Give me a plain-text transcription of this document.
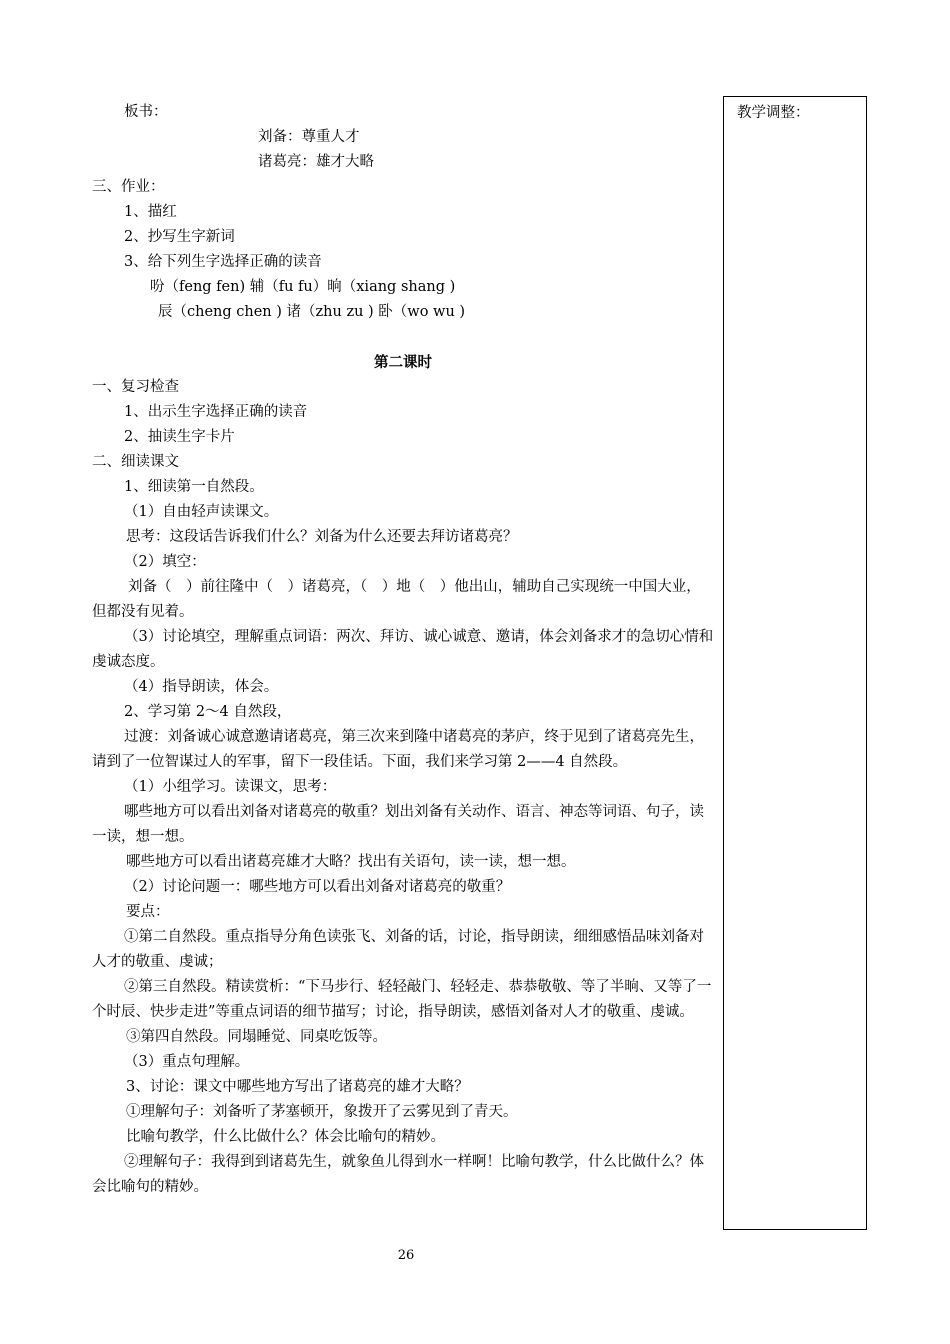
板书：
刘备：尊重人才
诸葛亮：雄才大略
三、作业：
1、描红
2、抄写生字新词
3、给下列生字选择正确的读音
吩（feng fen) 辅（fu fu）晌（xiang shang )
辰（cheng chen ) 诸（zhu zu ) 卧（wo wu )
第二课时
一、复习检查
1、出示生字选择正确的读音
2、抽读生字卡片
二、细读课文
1、细读第一自然段。
（1）自由轻声读课文。
思考：这段话告诉我们什么？刘备为什么还要去拜访诸葛亮？
（2）填空：
刘备（　）前往隆中（　）诸葛亮，（　）地（　）他出山，辅助自己实现统一中国大业，但都没有见着。
（3）讨论填空，理解重点词语：两次、拜访、诚心诚意、邀请，体会刘备求才的急切心情和虔诚态度。
（4）指导朗读，体会。
2、学习第 2～4 自然段，
过渡：刘备诚心诚意邀请诸葛亮，第三次来到隆中诸葛亮的茅庐，终于见到了诸葛亮先生，请到了一位智谋过人的军事，留下一段佳话。下面，我们来学习第 2——4 自然段。
（1）小组学习。读课文，思考：
哪些地方可以看出刘备对诸葛亮的敬重？划出刘备有关动作、语言、神态等词语、句子，读一读，想一想。
哪些地方可以看出诸葛亮雄才大略？找出有关语句，读一读，想一想。
（2）讨论问题一：哪些地方可以看出刘备对诸葛亮的敬重？
要点：
①第二自然段。重点指导分角色读张飞、刘备的话，讨论，指导朗读，细细感悟品味刘备对人才的敬重、虔诚；
②第三自然段。精读赏析：“下马步行、轻轻敲门、轻轻走、恭恭敬敬、等了半晌、又等了一个时辰、快步走进”等重点词语的细节描写；讨论，指导朗读，感悟刘备对人才的敬重、虔诚。
③第四自然段。同塌睡觉、同桌吃饭等。
（3）重点句理解。
3、讨论：课文中哪些地方写出了诸葛亮的雄才大略？
①理解句子：刘备听了茅塞顿开，象拨开了云雾见到了青天。
比喻句教学，什么比做什么？体会比喻句的精妙。
②理解句子：我得到到诸葛先生，就象鱼儿得到水一样啊！比喻句教学，什么比做什么？体会比喻句的精妙。
教学调整：
26
